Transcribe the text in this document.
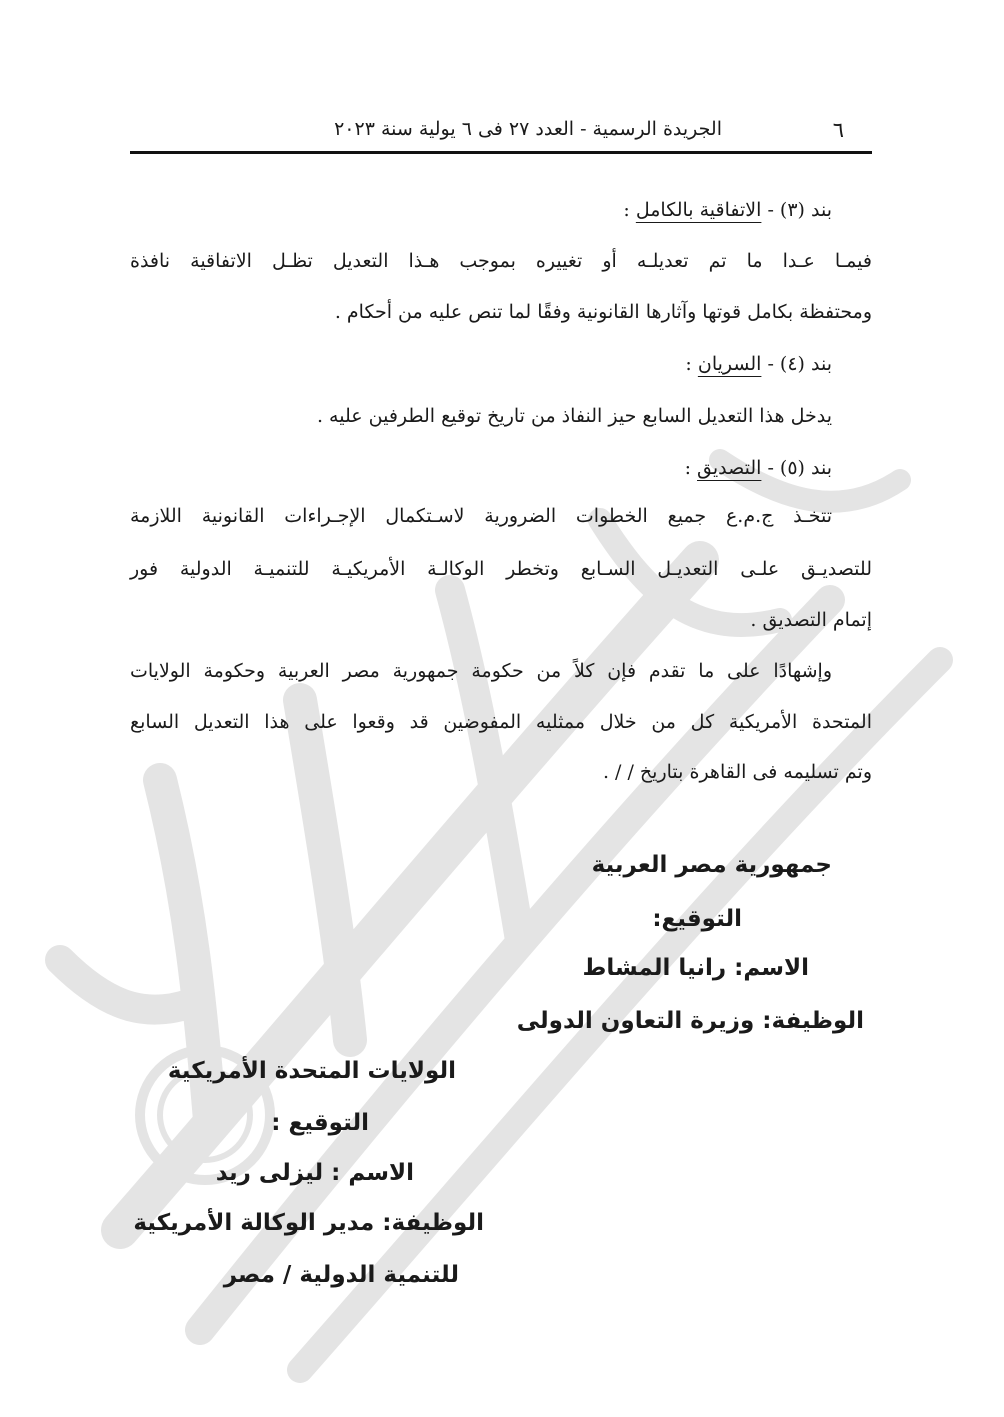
٦
الجريدة الرسمية - العدد ٢٧ فى ٦ يولية سنة ٢٠٢٣
بند (٣) - الاتفاقية بالكامل :
فيمـا عـدا ما تم تعديلـه أو تغييره بموجب هـذا التعديل تظـل الاتفاقية نافذة
ومحتفظة بكامل قوتها وآثارها القانونية وفقًا لما تنص عليه من أحكام .
بند (٤) - السريان :
يدخل هذا التعديل السابع حيز النفاذ من تاريخ توقيع الطرفين عليه .
بند (٥) - التصديق :
تتخـذ ج.م.ع جميع الخطوات الضرورية لاسـتكمال الإجـراءات القانونية اللازمة
للتصديـق علـى التعديـل السـابع وتخطر الوكالـة الأمريكيـة للتنميـة الدولية فور
إتمام التصديق .
وإشهادًا على ما تقدم فإن كلاً من حكومة جمهورية مصر العربية وحكومة الولايات
المتحدة الأمريكية كل من خلال ممثليه المفوضين قد وقعوا على هذا التعديل السابع
وتم تسليمه فى القاهرة بتاريخ / / .
جمهورية مصر العربية
التوقيع:
الاسم: رانيا المشاط
الوظيفة: وزيرة التعاون الدولى
الولايات المتحدة الأمريكية
التوقيع :
الاسم : ليزلى ريد
الوظيفة: مدير الوكالة الأمريكية
للتنمية الدولية / مصر
